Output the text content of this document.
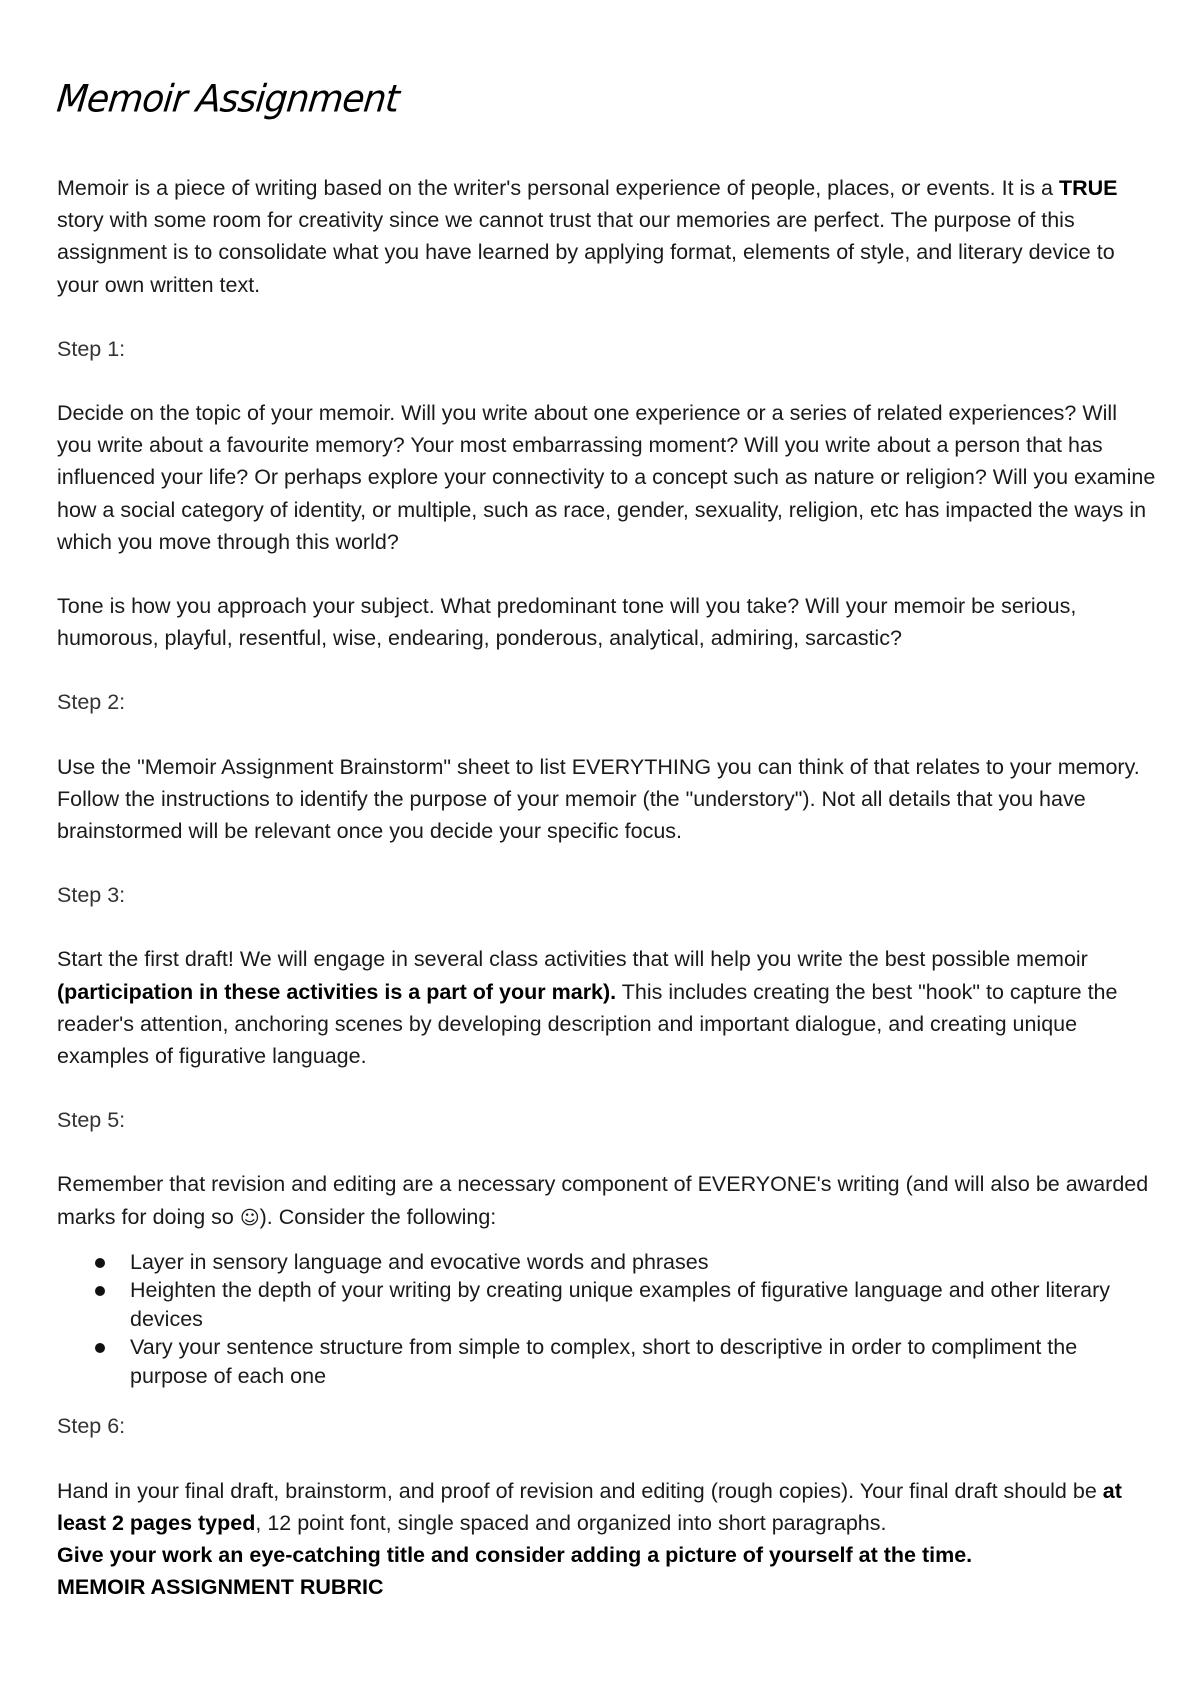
Memoir Assignment

Memoir is a piece of writing based on the writer's personal experience of people, places, or events. It is a TRUE story with some room for creativity since we cannot trust that our memories are perfect. The purpose of this assignment is to consolidate what you have learned by applying format, elements of style, and literary device to your own written text.

Step 1:

Decide on the topic of your memoir. Will you write about one experience or a series of related experiences? Will you write about a favourite memory? Your most embarrassing moment? Will you write about a person that has influenced your life? Or perhaps explore your connectivity to a concept such as nature or religion? Will you examine how a social category of identity, or multiple, such as race, gender, sexuality, religion, etc has impacted the ways in which you move through this world?

Tone is how you approach your subject. What predominant tone will you take? Will your memoir be serious, humorous, playful, resentful, wise, endearing, ponderous, analytical, admiring, sarcastic?

Step 2:

Use the "Memoir Assignment Brainstorm" sheet to list EVERYTHING you can think of that relates to your memory. Follow the instructions to identify the purpose of your memoir (the "understory"). Not all details that you have brainstormed will be relevant once you decide your specific focus.

Step 3:

Start the first draft! We will engage in several class activities that will help you write the best possible memoir (participation in these activities is a part of your mark). This includes creating the best "hook" to capture the reader's attention, anchoring scenes by developing description and important dialogue, and creating unique examples of figurative language.

Step 5:

Remember that revision and editing are a necessary component of EVERYONE's writing (and will also be awarded marks for doing so ☺). Consider the following:

Layer in sensory language and evocative words and phrases
Heighten the depth of your writing by creating unique examples of figurative language and other literary devices
Vary your sentence structure from simple to complex, short to descriptive in order to compliment the purpose of each one

Step 6:

Hand in your final draft, brainstorm, and proof of revision and editing (rough copies). Your final draft should be at least 2 pages typed, 12 point font, single spaced and organized into short paragraphs.

Give your work an eye-catching title and consider adding a picture of yourself at the time.

MEMOIR ASSIGNMENT RUBRIC
